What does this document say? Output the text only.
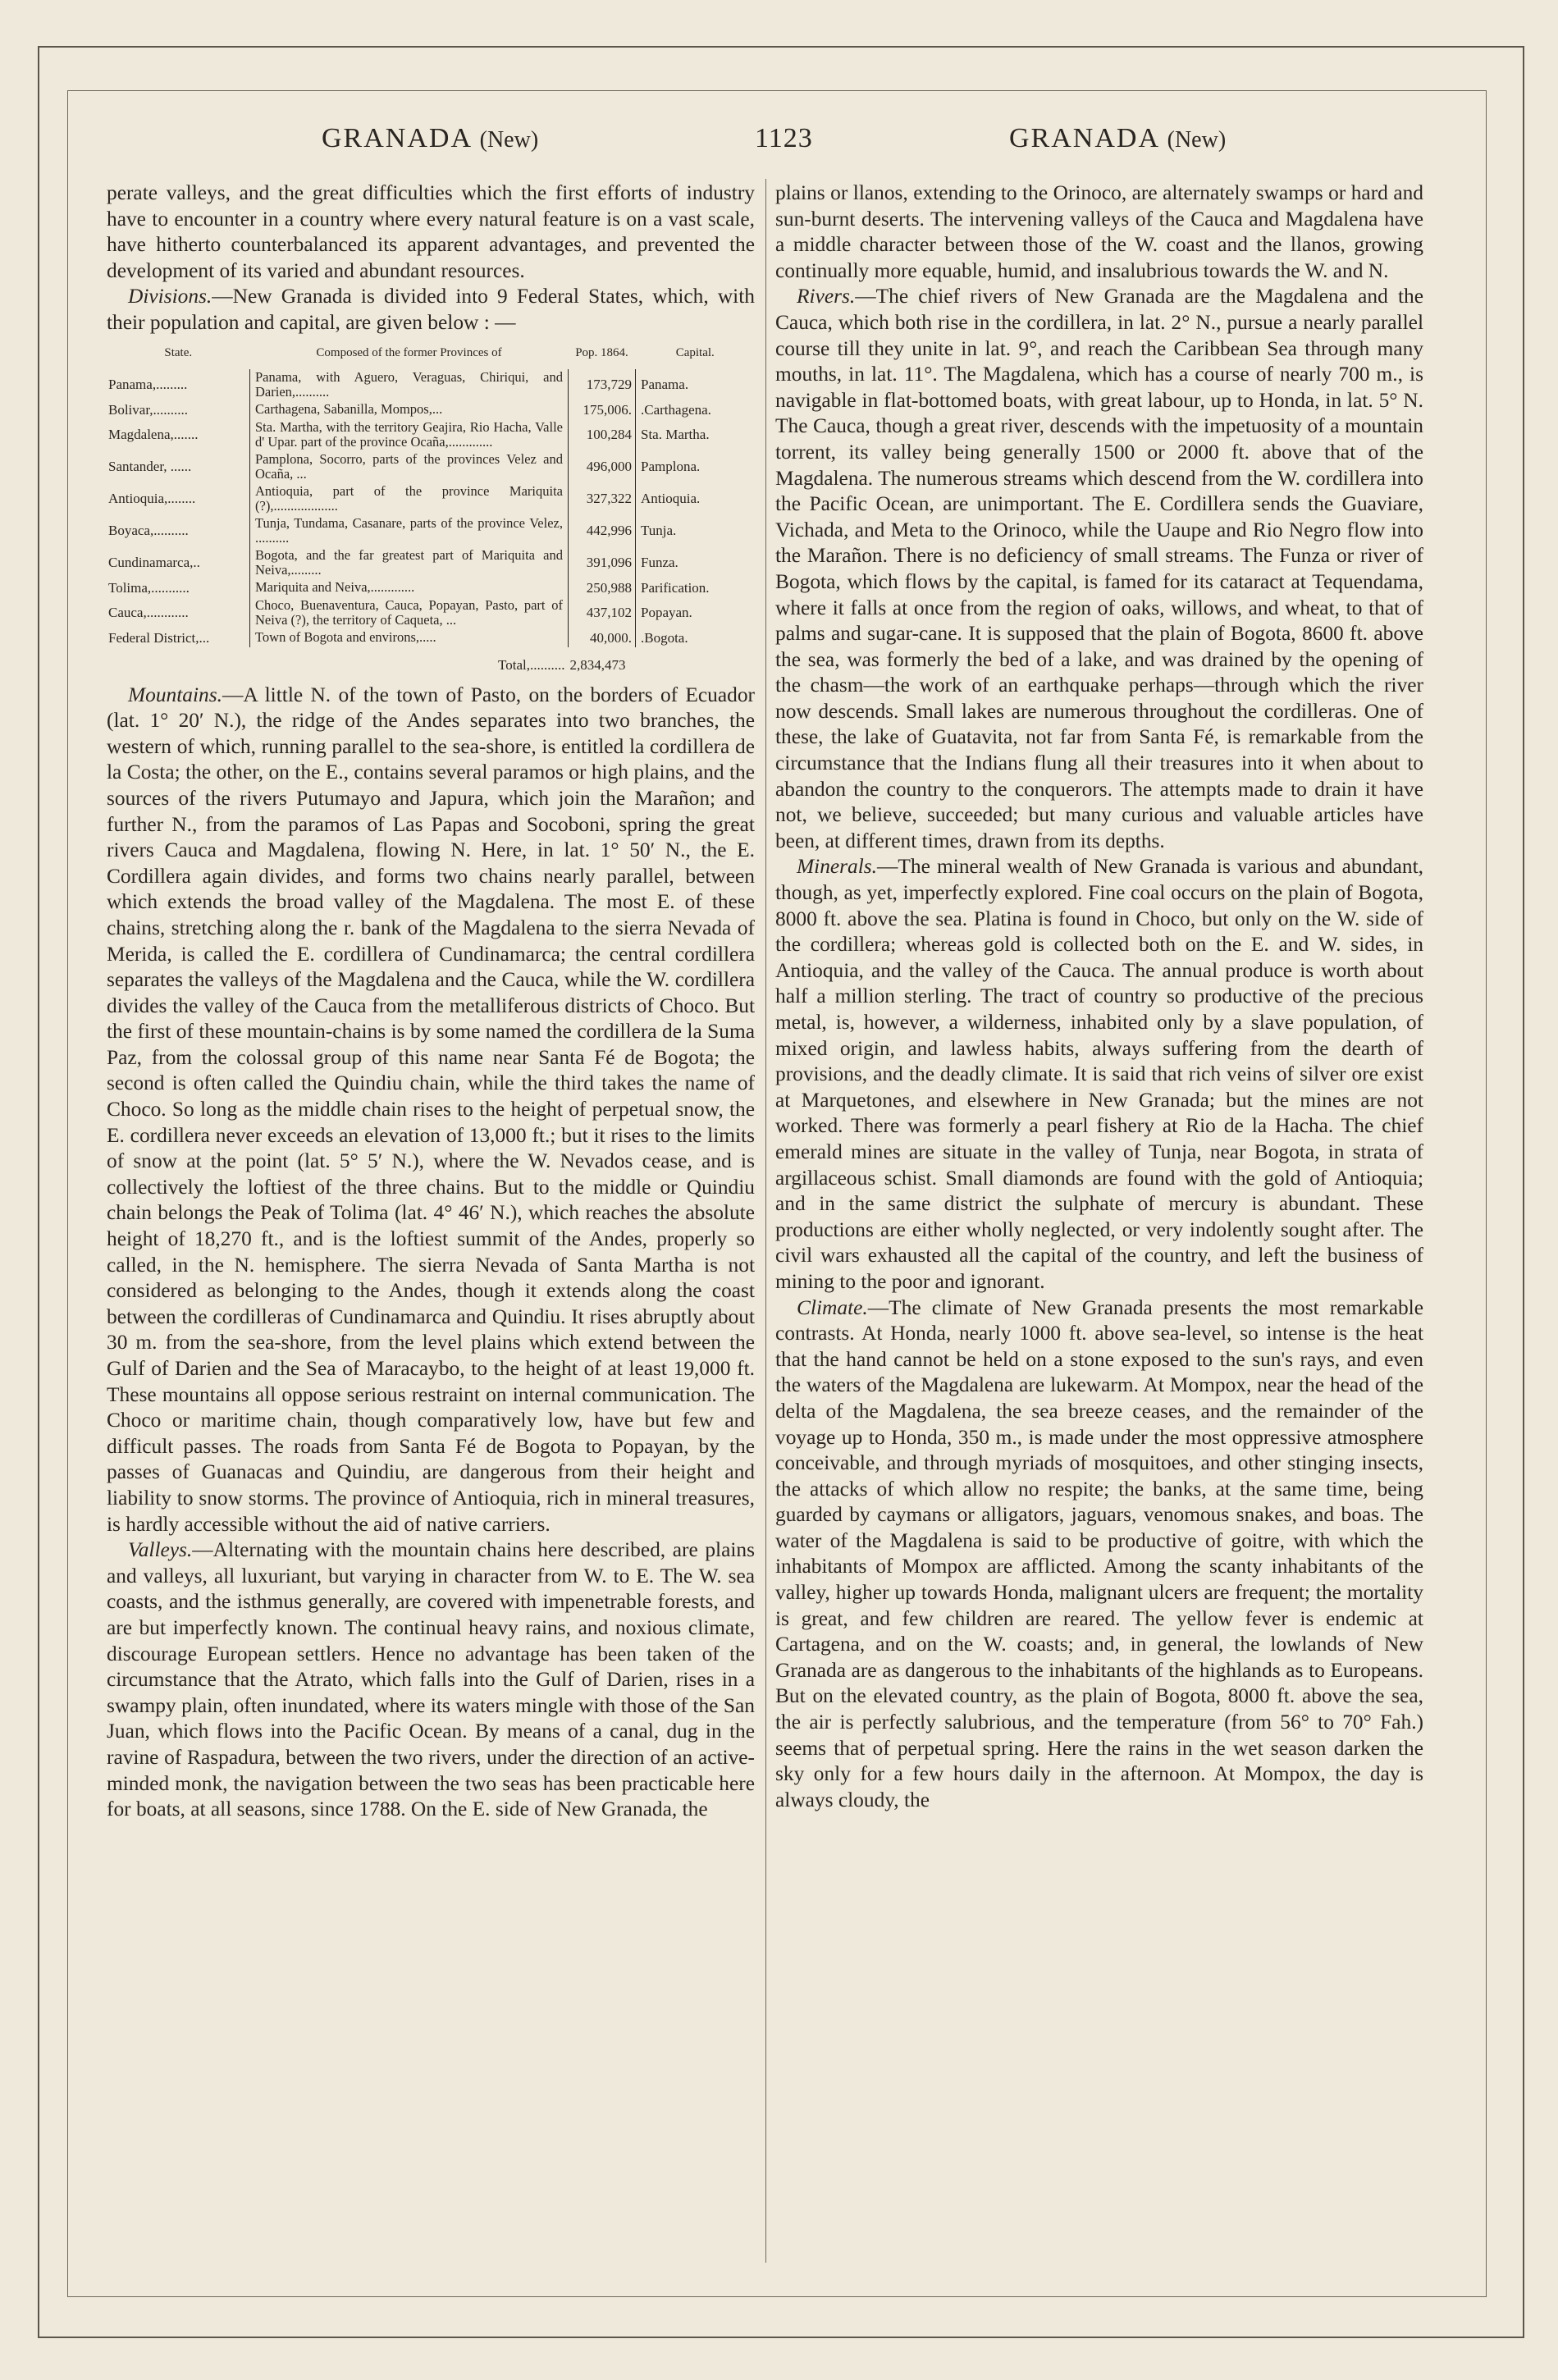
GRANADA (New)	1123	GRANADA (New)

perate valleys, and the great difficulties which the first efforts of industry have to encounter in a country where every natural feature is on a vast scale, have hitherto counterbalanced its apparent advantages, and prevented the development of its varied and abundant resources.

Divisions.—New Granada is divided into 9 Federal States, which, with their population and capital, are given below : —

State.	Composed of the former Provinces of	Pop. 1864.	Capital.
Panama,.........	Panama, with Aguero, Veraguas, Chiriqui, and Darien,..........	173,729	Panama.
Bolivar,..........	Carthagena, Sabanilla, Mompos,...	175,006.	.Carthagena.
Magdalena,.......	Sta. Martha, with the territory Geajira, Rio Hacha, Valle d' Upar. part of the province Ocaña,.............	100,284	Sta. Martha.
Santander, ......	Pamplona, Socorro, parts of the provinces Velez and Ocaña, ...	496,000	Pamplona.
Antioquia,........	Antioquia, part of the province Mariquita (?),...................	327,322	Antioquia.
Boyaca,..........	Tunja, Tundama, Casanare, parts of the province Velez, ..........	442,996	Tunja.
Cundinamarca,..	Bogota, and the far greatest part of Mariquita and Neiva,.........	391,096	Funza.
Tolima,...........	Mariquita and Neiva,.............	250,988	Parification.
Cauca,............	Choco, Buenaventura, Cauca, Popayan, Pasto, part of Neiva (?), the territory of Caqueta, ...	437,102	Popayan.
Federal District,...	Town of Bogota and environs,.....	40,000.	.Bogota.
	Total,..........	2,834,473	

Mountains.—A little N. of the town of Pasto, on the borders of Ecuador (lat. 1° 20′ N.), the ridge of the Andes separates into two branches, the western of which, running parallel to the sea-shore, is entitled la cordillera de la Costa; the other, on the E., contains several paramos or high plains, and the sources of the rivers Putumayo and Japura, which join the Marañon; and further N., from the paramos of Las Papas and Socoboni, spring the great rivers Cauca and Magdalena, flowing N. Here, in lat. 1° 50′ N., the E. Cordillera again divides, and forms two chains nearly parallel, between which extends the broad valley of the Magdalena. The most E. of these chains, stretching along the r. bank of the Magdalena to the sierra Nevada of Merida, is called the E. cordillera of Cundinamarca; the central cordillera separates the valleys of the Magdalena and the Cauca, while the W. cordillera divides the valley of the Cauca from the metalliferous districts of Choco. But the first of these mountain-chains is by some named the cordillera de la Suma Paz, from the colossal group of this name near Santa Fé de Bogota; the second is often called the Quindiu chain, while the third takes the name of Choco. So long as the middle chain rises to the height of perpetual snow, the E. cordillera never exceeds an elevation of 13,000 ft.; but it rises to the limits of snow at the point (lat. 5° 5′ N.), where the W. Nevados cease, and is collectively the loftiest of the three chains. But to the middle or Quindiu chain belongs the Peak of Tolima (lat. 4° 46′ N.), which reaches the absolute height of 18,270 ft., and is the loftiest summit of the Andes, properly so called, in the N. hemisphere. The sierra Nevada of Santa Martha is not considered as belonging to the Andes, though it extends along the coast between the cordilleras of Cundinamarca and Quindiu. It rises abruptly about 30 m. from the sea-shore, from the level plains which extend between the Gulf of Darien and the Sea of Maracaybo, to the height of at least 19,000 ft. These mountains all oppose serious restraint on internal communication. The Choco or maritime chain, though comparatively low, have but few and difficult passes. The roads from Santa Fé de Bogota to Popayan, by the passes of Guanacas and Quindiu, are dangerous from their height and liability to snow storms. The province of Antioquia, rich in mineral treasures, is hardly accessible without the aid of native carriers.

Valleys.—Alternating with the mountain chains here described, are plains and valleys, all luxuriant, but varying in character from W. to E. The W. sea coasts, and the isthmus generally, are covered with impenetrable forests, and are but imperfectly known. The continual heavy rains, and noxious climate, discourage European settlers. Hence no advantage has been taken of the circumstance that the Atrato, which falls into the Gulf of Darien, rises in a swampy plain, often inundated, where its waters mingle with those of the San Juan, which flows into the Pacific Ocean. By means of a canal, dug in the ravine of Raspadura, between the two rivers, under the direction of an active-minded monk, the navigation between the two seas has been practicable here for boats, at all seasons, since 1788. On the E. side of New Granada, the

plains or llanos, extending to the Orinoco, are alternately swamps or hard and sun-burnt deserts. The intervening valleys of the Cauca and Magdalena have a middle character between those of the W. coast and the llanos, growing continually more equable, humid, and insalubrious towards the W. and N.

Rivers.—The chief rivers of New Granada are the Magdalena and the Cauca, which both rise in the cordillera, in lat. 2° N., pursue a nearly parallel course till they unite in lat. 9°, and reach the Caribbean Sea through many mouths, in lat. 11°. The Magdalena, which has a course of nearly 700 m., is navigable in flat-bottomed boats, with great labour, up to Honda, in lat. 5° N. The Cauca, though a great river, descends with the impetuosity of a mountain torrent, its valley being generally 1500 or 2000 ft. above that of the Magdalena. The numerous streams which descend from the W. cordillera into the Pacific Ocean, are unimportant. The E. Cordillera sends the Guaviare, Vichada, and Meta to the Orinoco, while the Uaupe and Rio Negro flow into the Marañon. There is no deficiency of small streams. The Funza or river of Bogota, which flows by the capital, is famed for its cataract at Tequendama, where it falls at once from the region of oaks, willows, and wheat, to that of palms and sugar-cane. It is supposed that the plain of Bogota, 8600 ft. above the sea, was formerly the bed of a lake, and was drained by the opening of the chasm—the work of an earthquake perhaps—through which the river now descends. Small lakes are numerous throughout the cordilleras. One of these, the lake of Guatavita, not far from Santa Fé, is remarkable from the circumstance that the Indians flung all their treasures into it when about to abandon the country to the conquerors. The attempts made to drain it have not, we believe, succeeded; but many curious and valuable articles have been, at different times, drawn from its depths.

Minerals.—The mineral wealth of New Granada is various and abundant, though, as yet, imperfectly explored. Fine coal occurs on the plain of Bogota, 8000 ft. above the sea. Platina is found in Choco, but only on the W. side of the cordillera; whereas gold is collected both on the E. and W. sides, in Antioquia, and the valley of the Cauca. The annual produce is worth about half a million sterling. The tract of country so productive of the precious metal, is, however, a wilderness, inhabited only by a slave population, of mixed origin, and lawless habits, always suffering from the dearth of provisions, and the deadly climate. It is said that rich veins of silver ore exist at Marquetones, and elsewhere in New Granada; but the mines are not worked. There was formerly a pearl fishery at Rio de la Hacha. The chief emerald mines are situate in the valley of Tunja, near Bogota, in strata of argillaceous schist. Small diamonds are found with the gold of Antioquia; and in the same district the sulphate of mercury is abundant. These productions are either wholly neglected, or very indolently sought after. The civil wars exhausted all the capital of the country, and left the business of mining to the poor and ignorant.

Climate.—The climate of New Granada presents the most remarkable contrasts. At Honda, nearly 1000 ft. above sea-level, so intense is the heat that the hand cannot be held on a stone exposed to the sun's rays, and even the waters of the Magdalena are lukewarm. At Mompox, near the head of the delta of the Magdalena, the sea breeze ceases, and the remainder of the voyage up to Honda, 350 m., is made under the most oppressive atmosphere conceivable, and through myriads of mosquitoes, and other stinging insects, the attacks of which allow no respite; the banks, at the same time, being guarded by caymans or alligators, jaguars, venomous snakes, and boas. The water of the Magdalena is said to be productive of goitre, with which the inhabitants of Mompox are afflicted. Among the scanty inhabitants of the valley, higher up towards Honda, malignant ulcers are frequent; the mortality is great, and few children are reared. The yellow fever is endemic at Cartagena, and on the W. coasts; and, in general, the lowlands of New Granada are as dangerous to the inhabitants of the highlands as to Europeans. But on the elevated country, as the plain of Bogota, 8000 ft. above the sea, the air is perfectly salubrious, and the temperature (from 56° to 70° Fah.) seems that of perpetual spring. Here the rains in the wet season darken the sky only for a few hours daily in the afternoon. At Mompox, the day is always cloudy, the
